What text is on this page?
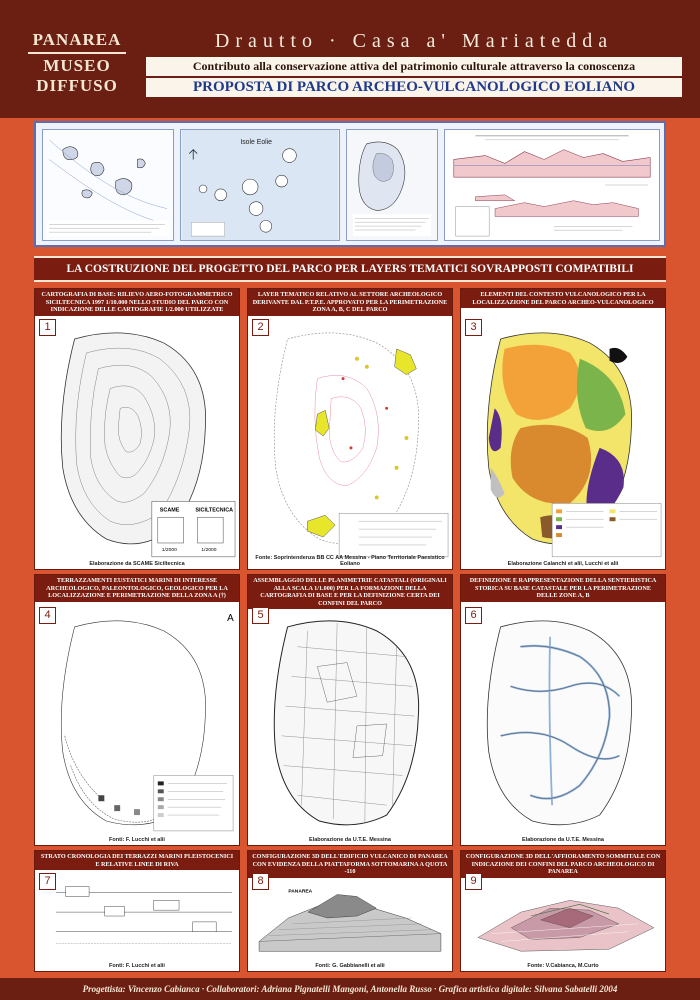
PANAREA
MUSEO
DIFFUSO
Drautto · Casa a' Mariatedda
Contributo alla conservazione attiva del patrimonio culturale attraverso la conoscenza
PROPOSTA DI PARCO ARCHEO-VULCANOLOGICO EOLIANO
Isole Eolie
LA COSTRUZIONE DEL PROGETTO DEL PARCO PER LAYERS TEMATICI SOVRAPPOSTI COMPATIBILI
CARTOGRAFIA DI BASE: RILIEVO AERO-FOTOGRAMMETRICO SICILTECNICA 1997 1/10.000 NELLO STUDIO DEL PARCO CON INDICAZIONE DELLE CARTOGRAFIE 1/2.000 UTILIZZATE
1
SCAME	SICILTECNICA
1/2000	1/2000
Elaborazione da SCAME Siciltecnica
LAYER TEMATICO RELATIVO AL SETTORE ARCHEOLOGICO DERIVANTE DAL P.T.P.E. APPROVATO PER LA PERIMETRAZIONE ZONA A, B, C DEL PARCO
2
Fonte: Soprintendenza BB CC AA Messina - Piano Territoriale Paesistico Eoliano
ELEMENTI DEL CONTESTO VULCANOLOGICO PER LA LOCALIZZAZIONE DEL PARCO ARCHEO-VULCANOLOGICO
3
Elaborazione Calanchi et alii, Lucchi et alii
TERRAZZAMENTI EUSTATICI MARINI DI INTERESSE ARCHEOLOGICO, PALEONTOLOGICO, GEOLOGICO PER LA LOCALIZZAZIONE E PERIMETRAZIONE DELLA ZONA A (†)
4	A
Fonti: F. Lucchi et alii
ASSEMBLAGGIO DELLE PLANIMETRIE CATASTALI (ORIGINALI ALLA SCALA 1/1.000) PER LA FORMAZIONE DELLA CARTOGRAFIA DI BASE E PER LA DEFINIZIONE CERTA DEI CONFINI DEL PARCO
5
Elaborazione da U.T.E. Messina
DEFINIZIONE E RAPPRESENTAZIONE DELLA SENTIERISTICA STORICA SU BASE CATASTALE PER LA PERIMETRAZIONE DELLE ZONE A, B
6
Elaborazione da U.T.E. Messina
STRATO CRONOLOGIA DEI TERRAZZI MARINI PLEISTOCENICI E RELATIVE LINEE DI RIVA
7
Fonti: F. Lucchi et alii
CONFIGURAZIONE 3D DELL'EDIFICIO VULCANICO DI PANAREA CON EVIDENZA DELLA PIATTAFORMA SOTTOMARINA A QUOTA -110
8
PANAREA
Fonti: G. Gabbianelli et alii
CONFIGURAZIONE 3D DELL'AFFIORAMENTO SOMMITALE CON INDICAZIONE DEI CONFINI DEL PARCO ARCHEOLOGICO DI PANAREA
9
Fonte: V.Cabianca, M.Curto
Progettista: Vincenzo Cabianca · Collaboratori: Adriana Pignatelli Mangoni, Antonella Russo · Grafica artistica digitale: Silvana Sabatelli 2004
